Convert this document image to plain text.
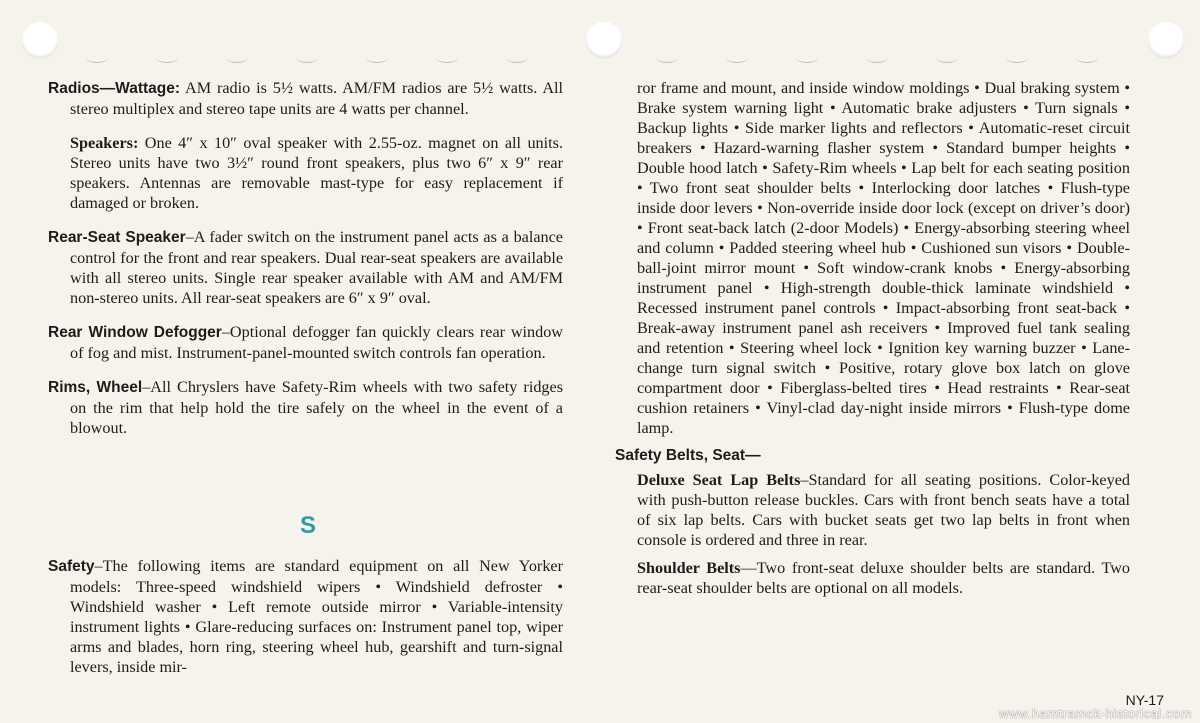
Radios—Wattage: AM radio is 5½ watts. AM/FM radios are 5½ watts. All stereo multiplex and stereo tape units are 4 watts per channel.

Speakers: One 4″ x 10″ oval speaker with 2.55-oz. magnet on all units. Stereo units have two 3½″ round front speakers, plus two 6″ x 9″ rear speakers. Antennas are removable mast-type for easy replacement if damaged or broken.

Rear-Seat Speaker–A fader switch on the instrument panel acts as a balance control for the front and rear speakers. Dual rear-seat speakers are available with all stereo units. Single rear speaker available with AM and AM/FM non-stereo units. All rear-seat speakers are 6″ x 9″ oval.

Rear Window Defogger–Optional defogger fan quickly clears rear window of fog and mist. Instrument-panel-mounted switch controls fan operation.

Rims, Wheel–All Chryslers have Safety-Rim wheels with two safety ridges on the rim that help hold the tire safely on the wheel in the event of a blowout.

S

Safety–The following items are standard equipment on all New Yorker models: Three-speed windshield wipers • Windshield defroster • Windshield washer • Left remote outside mirror • Variable-intensity instrument lights • Glare-reducing surfaces on: Instrument panel top, wiper arms and blades, horn ring, steering wheel hub, gearshift and turn-signal levers, inside mir-

ror frame and mount, and inside window moldings • Dual braking system • Brake system warning light • Automatic brake adjusters • Turn signals • Backup lights • Side marker lights and reflectors • Automatic-reset circuit breakers • Hazard-warning flasher system • Standard bumper heights • Double hood latch • Safety-Rim wheels • Lap belt for each seating position • Two front seat shoulder belts • Interlocking door latches • Flush-type inside door levers • Non-override inside door lock (except on driver’s door) • Front seat-back latch (2-door Models) • Energy-absorbing steering wheel and column • Padded steering wheel hub • Cushioned sun visors • Double-ball-joint mirror mount • Soft window-crank knobs • Energy-absorbing instrument panel • High-strength double-thick laminate windshield • Recessed instrument panel controls • Impact-absorbing front seat-back • Break-away instrument panel ash receivers • Improved fuel tank sealing and retention • Steering wheel lock • Ignition key warning buzzer • Lane-change turn signal switch • Positive, rotary glove box latch on glove compartment door • Fiberglass-belted tires • Head restraints • Rear-seat cushion retainers • Vinyl-clad day-night inside mirrors • Flush-type dome lamp.

Safety Belts, Seat—

Deluxe Seat Lap Belts–Standard for all seating positions. Color-keyed with push-button release buckles. Cars with front bench seats have a total of six lap belts. Cars with bucket seats get two lap belts in front when console is ordered and three in rear.

Shoulder Belts—Two front-seat deluxe shoulder belts are standard. Two rear-seat shoulder belts are optional on all models.

NY-17
www.hamtramck-historical.com
